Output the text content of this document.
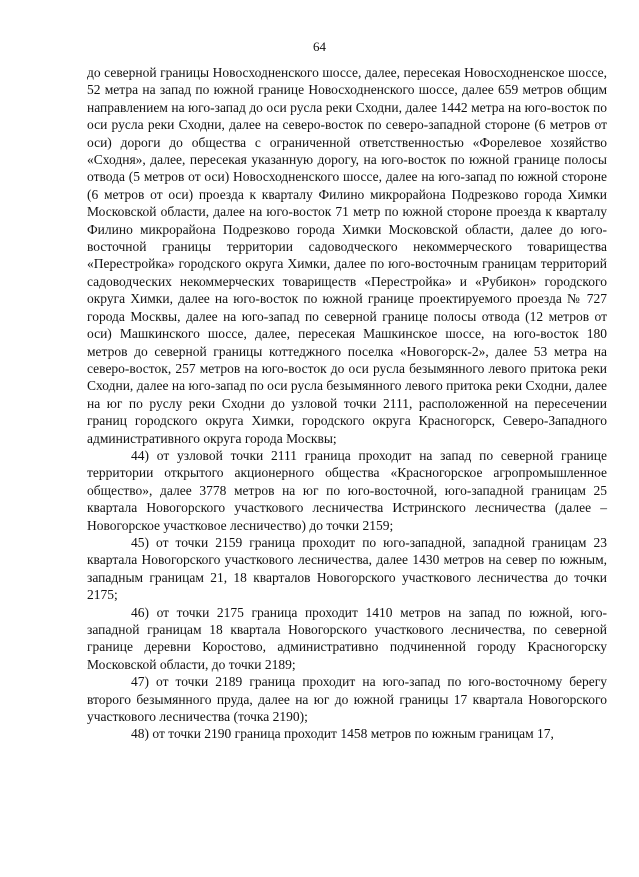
64

до северной границы Новосходненского шоссе, далее, пересекая Новосходненское шоссе, 52 метра на запад по южной границе Новосходненского шоссе, далее 659 метров общим направлением на юго-запад до оси русла реки Сходни, далее 1442 метра на юго-восток по оси русла реки Сходни, далее на северо-восток по северо-западной стороне (6 метров от оси) дороги до общества с ограниченной ответственностью «Форелевое хозяйство «Сходня», далее, пересекая указанную дорогу, на юго-восток по южной границе полосы отвода (5 метров от оси) Новосходненского шоссе, далее на юго-запад по южной стороне (6 метров от оси) проезда к кварталу Филино микрорайона Подрезково города Химки Московской области, далее на юго-восток 71 метр по южной стороне проезда к кварталу Филино микрорайона Подрезково города Химки Московской области, далее до юго-восточной границы территории садоводческого некоммерческого товарищества «Перестройка» городского округа Химки, далее по юго-восточным границам территорий садоводческих некоммерческих товариществ «Перестройка» и «Рубикон» городского округа Химки, далее на юго-восток по южной границе проектируемого проезда № 727 города Москвы, далее на юго-запад по северной границе полосы отвода (12 метров от оси) Машкинского шоссе, далее, пересекая Машкинское шоссе, на юго-восток 180 метров до северной границы коттеджного поселка «Новогорск-2», далее 53 метра на северо-восток, 257 метров на юго-восток до оси русла безымянного левого притока реки Сходни, далее на юго-запад по оси русла безымянного левого притока реки Сходни, далее на юг по руслу реки Сходни до узловой точки 2111, расположенной на пересечении границ городского округа Химки, городского округа Красногорск, Северо-Западного административного округа города Москвы;

44) от узловой точки 2111 граница проходит на запад по северной границе территории открытого акционерного общества «Красногорское агропромышленное общество», далее 3778 метров на юг по юго-восточной, юго-западной границам 25 квартала Новогорского участкового лесничества Истринского лесничества (далее – Новогорское участковое лесничество) до точки 2159;

45) от точки 2159 граница проходит по юго-западной, западной границам 23 квартала Новогорского участкового лесничества, далее 1430 метров на север по южным, западным границам 21, 18 кварталов Новогорского участкового лесничества до точки 2175;

46) от точки 2175 граница проходит 1410 метров на запад по южной, юго-западной границам 18 квартала Новогорского участкового лесничества, по северной границе деревни Коростово, административно подчиненной городу Красногорску Московской области, до точки 2189;

47) от точки 2189 граница проходит на юго-запад по юго-восточному берегу второго безымянного пруда, далее на юг до южной границы 17 квартала Новогорского участкового лесничества (точка 2190);

48) от точки 2190 граница проходит 1458 метров по южным границам 17,
